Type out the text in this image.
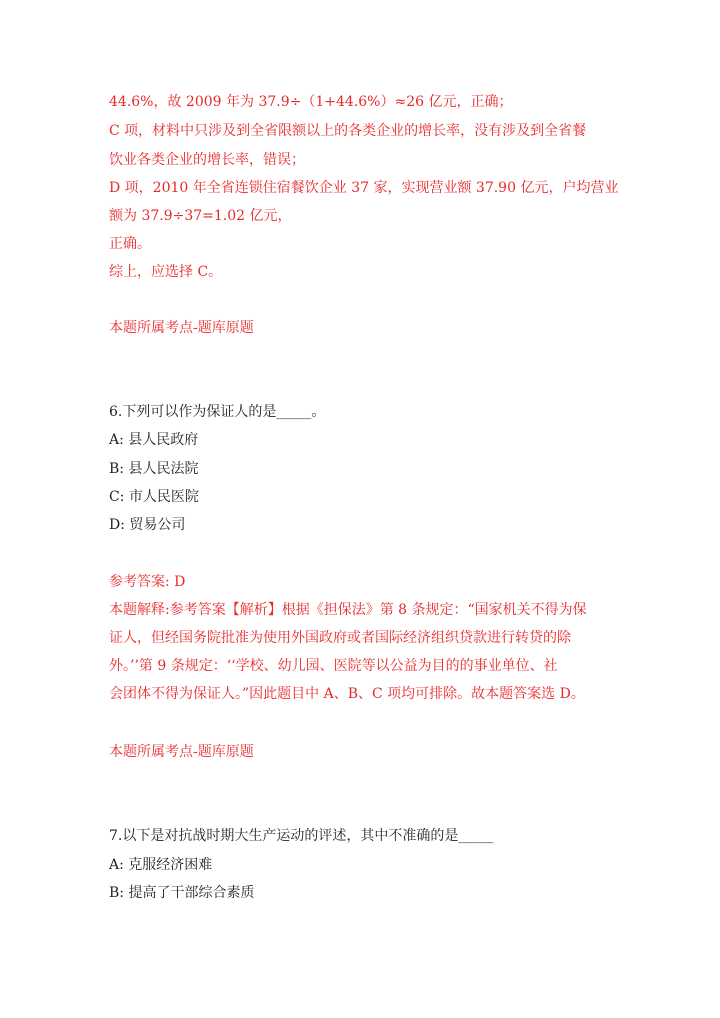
44.6%，故 2009 年为 37.9÷（1+44.6%）≈26 亿元，正确；
C 项，材料中只涉及到全省限额以上的各类企业的增长率，没有涉及到全省餐
饮业各类企业的增长率，错误；
D 项，2010 年全省连锁住宿餐饮企业 37 家，实现营业额 37.90 亿元，户均营业
额为 37.9÷37=1.02 亿元，
正确。
综上，应选择 C。
本题所属考点-题库原题
6.下列可以作为保证人的是_____。
A: 县人民政府
B: 县人民法院
C: 市人民医院
D: 贸易公司
参考答案: D
本题解释:参考答案【解析】根据《担保法》第 8 条规定：“国家机关不得为保
证人，但经国务院批准为使用外国政府或者国际经济组织贷款进行转贷的除
外。’’第 9 条规定：‘‘学校、幼儿园、医院等以公益为目的的事业单位、社
会团体不得为保证人。”因此题目中 A、B、C 项均可排除。故本题答案选 D。
本题所属考点-题库原题
7.以下是对抗战时期大生产运动的评述，其中不准确的是_____
A: 克服经济困难
B: 提高了干部综合素质
